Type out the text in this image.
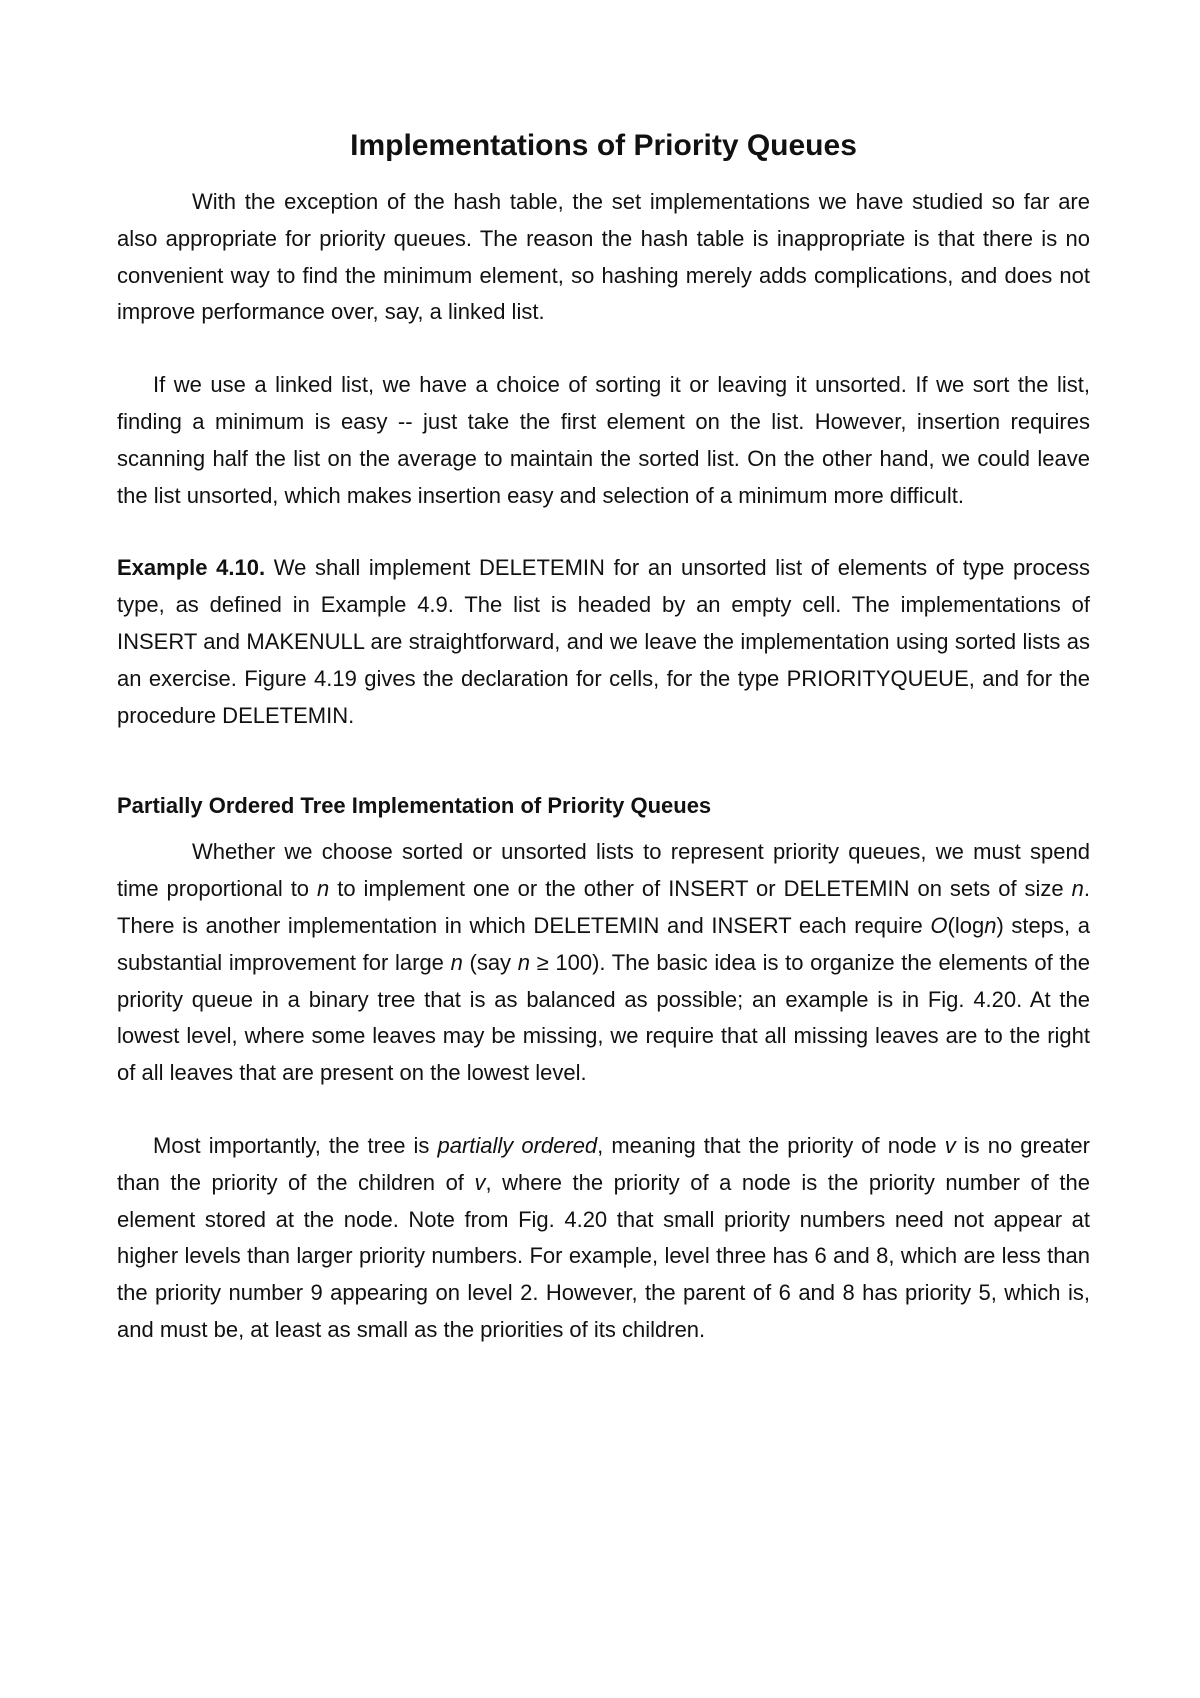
Implementations of Priority Queues

With the exception of the hash table, the set implementations we have studied so far are also appropriate for priority queues. The reason the hash table is inappropriate is that there is no convenient way to find the minimum element, so hashing merely adds complications, and does not improve performance over, say, a linked list.

If we use a linked list, we have a choice of sorting it or leaving it unsorted. If we sort the list, finding a minimum is easy -- just take the first element on the list. However, insertion requires scanning half the list on the average to maintain the sorted list. On the other hand, we could leave the list unsorted, which makes insertion easy and selection of a minimum more difficult.

Example 4.10. We shall implement DELETEMIN for an unsorted list of elements of type process type, as defined in Example 4.9. The list is headed by an empty cell. The implementations of INSERT and MAKENULL are straightforward, and we leave the implementation using sorted lists as an exercise. Figure 4.19 gives the declaration for cells, for the type PRIORITYQUEUE, and for the procedure DELETEMIN.

Partially Ordered Tree Implementation of Priority Queues

Whether we choose sorted or unsorted lists to represent priority queues, we must spend time proportional to n to implement one or the other of INSERT or DELETEMIN on sets of size n. There is another implementation in which DELETEMIN and INSERT each require O(logn) steps, a substantial improvement for large n (say n ≥ 100). The basic idea is to organize the elements of the priority queue in a binary tree that is as balanced as possible; an example is in Fig. 4.20. At the lowest level, where some leaves may be missing, we require that all missing leaves are to the right of all leaves that are present on the lowest level.

Most importantly, the tree is partially ordered, meaning that the priority of node v is no greater than the priority of the children of v, where the priority of a node is the priority number of the element stored at the node. Note from Fig. 4.20 that small priority numbers need not appear at higher levels than larger priority numbers. For example, level three has 6 and 8, which are less than the priority number 9 appearing on level 2. However, the parent of 6 and 8 has priority 5, which is, and must be, at least as small as the priorities of its children.
